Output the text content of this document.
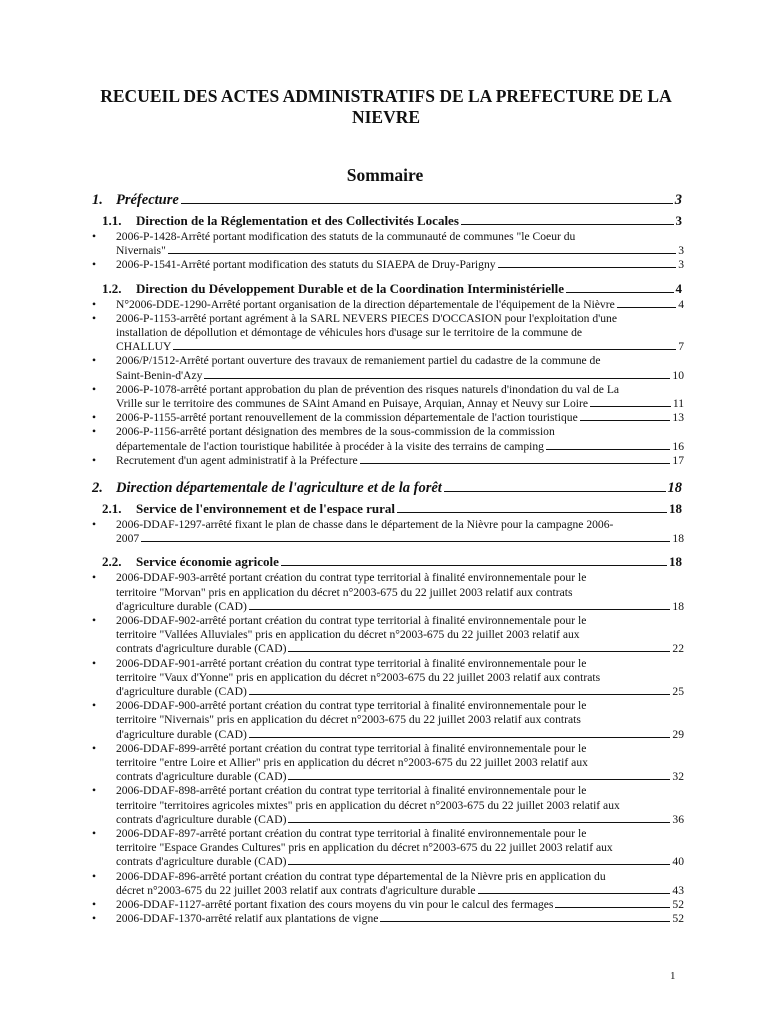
RECUEIL DES ACTES ADMINISTRATIFS DE LA PREFECTURE DE LA NIEVRE
Sommaire
1. Préfecture	3
1.1.	Direction de la Réglementation et des Collectivités Locales	3
•	2006-P-1428-Arrêté portant modification des statuts de la communauté de communes "le Coeur du
Nivernais"	3
•	2006-P-1541-Arrêté portant modification des statuts du SIAEPA de Druy-Parigny	3
1.2.	Direction du Développement Durable et de la Coordination Interministérielle	4
•	N°2006-DDE-1290-Arrêté portant organisation de la direction départementale de l'équipement de la Nièvre	4
•	2006-P-1153-arrêté portant agrément à la SARL NEVERS PIECES D'OCCASION pour l'exploitation d'une
installation de dépollution et démontage de véhicules hors d'usage sur le territoire de la commune de
CHALLUY	7
•	2006/P/1512-Arrêté portant ouverture des travaux de remaniement partiel du cadastre de la commune de
Saint-Benin-d'Azy	10
•	2006-P-1078-arrêté portant approbation du plan de prévention des risques naturels d'inondation du val de La
Vrille sur le territoire des communes de SAint Amand en Puisaye, Arquian, Annay et Neuvy sur Loire	11
•	2006-P-1155-arrêté portant renouvellement de la commission départementale de l'action touristique	13
•	2006-P-1156-arrêté portant désignation des membres de la sous-commission de la commission
départementale de l'action touristique habilitée à procéder à la visite des terrains de camping	16
•	Recrutement d'un agent administratif à la Préfecture	17
2. Direction départementale de l'agriculture et de la forêt	18
2.1.	Service de l'environnement et de l'espace rural	18
•	2006-DDAF-1297-arrêté fixant le plan de chasse dans le département de la Nièvre pour la campagne 2006-
2007	18
2.2.	Service économie agricole	18
•	2006-DDAF-903-arrêté portant création du contrat type territorial à finalité environnementale pour le
territoire "Morvan" pris en application du décret n°2003-675 du 22 juillet 2003 relatif aux contrats
d'agriculture durable (CAD)	18
•	2006-DDAF-902-arrêté portant création du contrat type territorial à finalité environnementale pour le
territoire "Vallées Alluviales" pris en application du décret n°2003-675 du 22 juillet 2003 relatif aux
contrats d'agriculture durable (CAD)	22
•	2006-DDAF-901-arrêté portant création du contrat type territorial à finalité environnementale pour le
territoire "Vaux d'Yonne" pris en application du décret n°2003-675 du 22 juillet 2003 relatif aux contrats
d'agriculture durable (CAD)	25
•	2006-DDAF-900-arrêté portant création du contrat type territorial à finalité environnementale pour le
territoire "Nivernais" pris en application du décret n°2003-675 du 22 juillet 2003 relatif aux contrats
d'agriculture durable (CAD)	29
•	2006-DDAF-899-arrêté portant création du contrat type territorial à finalité environnementale pour le
territoire "entre Loire et Allier" pris en application du décret n°2003-675 du 22 juillet 2003 relatif aux
contrats d'agriculture durable (CAD)	32
•	2006-DDAF-898-arrêté portant création du contrat type territorial à finalité environnementale pour le
territoire "territoires agricoles mixtes" pris en application du décret n°2003-675 du 22 juillet 2003 relatif aux
contrats d'agriculture durable (CAD)	36
•	2006-DDAF-897-arrêté portant création du contrat type territorial à finalité environnementale pour le
territoire "Espace Grandes Cultures" pris en application du décret n°2003-675 du 22 juillet 2003 relatif aux
contrats d'agriculture durable (CAD)	40
•	2006-DDAF-896-arrêté portant création du contrat type départemental de la Nièvre pris en application du
décret n°2003-675 du 22 juillet 2003 relatif aux contrats d'agriculture durable	43
•	2006-DDAF-1127-arrêté portant fixation des cours moyens du vin pour le calcul des fermages	52
•	2006-DDAF-1370-arrêté relatif aux plantations de vigne	52
1
